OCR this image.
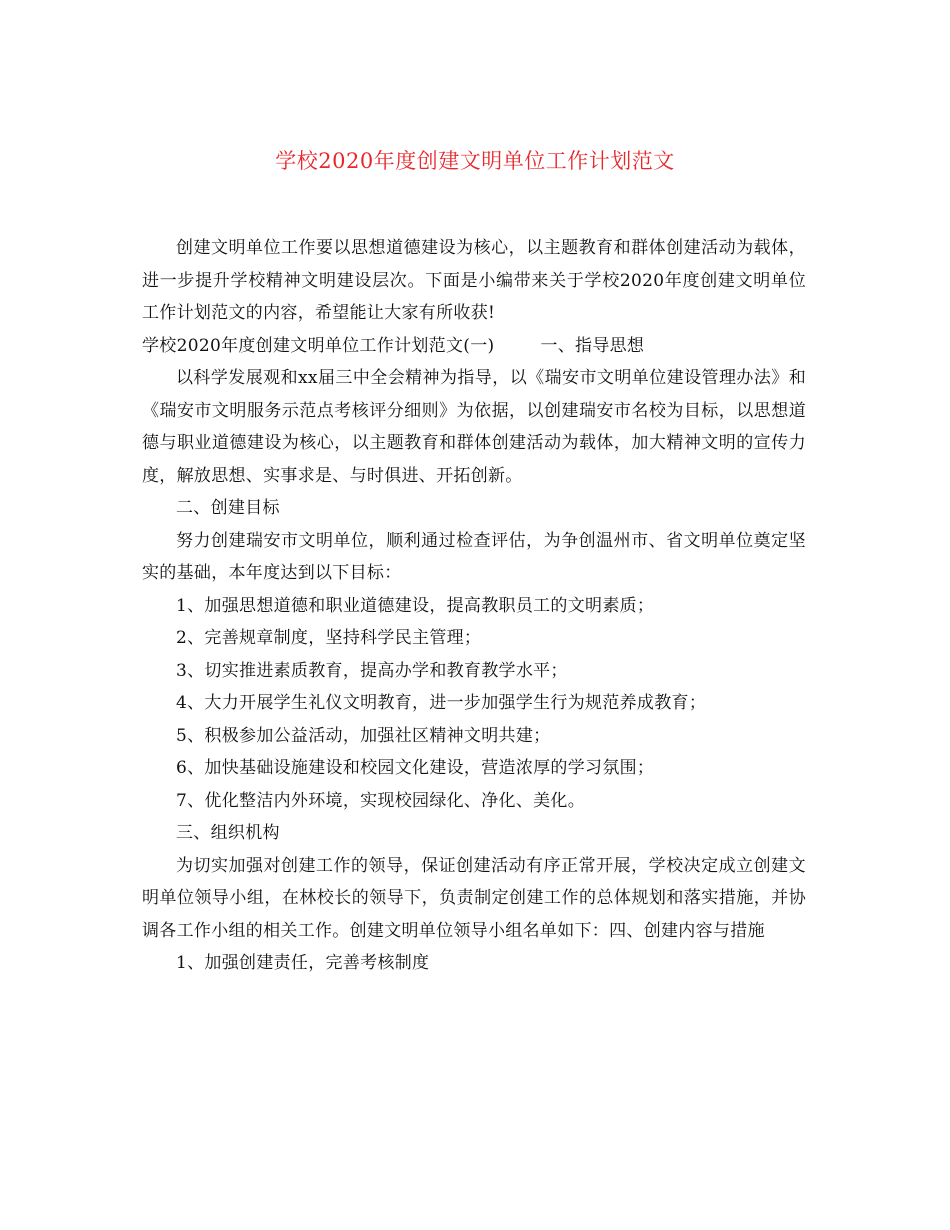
学校2020年度创建文明单位工作计划范文

创建文明单位工作要以思想道德建设为核心，以主题教育和群体创建活动为载体，进一步提升学校精神文明建设层次。下面是小编带来关于学校2020年度创建文明单位工作计划范文的内容，希望能让大家有所收获!

学校2020年度创建文明单位工作计划范文(一)	一、指导思想

以科学发展观和xx届三中全会精神为指导，以《瑞安市文明单位建设管理办法》和《瑞安市文明服务示范点考核评分细则》为依据，以创建瑞安市名校为目标，以思想道德与职业道德建设为核心，以主题教育和群体创建活动为载体，加大精神文明的宣传力度，解放思想、实事求是、与时俱进、开拓创新。

二、创建目标

努力创建瑞安市文明单位，顺利通过检查评估，为争创温州市、省文明单位奠定坚实的基础，本年度达到以下目标：

1、加强思想道德和职业道德建设，提高教职员工的文明素质；

2、完善规章制度，坚持科学民主管理；

3、切实推进素质教育，提高办学和教育教学水平；

4、大力开展学生礼仪文明教育，进一步加强学生行为规范养成教育；

5、积极参加公益活动，加强社区精神文明共建；

6、加快基础设施建设和校园文化建设，营造浓厚的学习氛围；

7、优化整洁内外环境，实现校园绿化、净化、美化。

三、组织机构

为切实加强对创建工作的领导，保证创建活动有序正常开展，学校决定成立创建文明单位领导小组，在林校长的领导下，负责制定创建工作的总体规划和落实措施，并协调各工作小组的相关工作。创建文明单位领导小组名单如下：四、创建内容与措施

1、加强创建责任，完善考核制度
